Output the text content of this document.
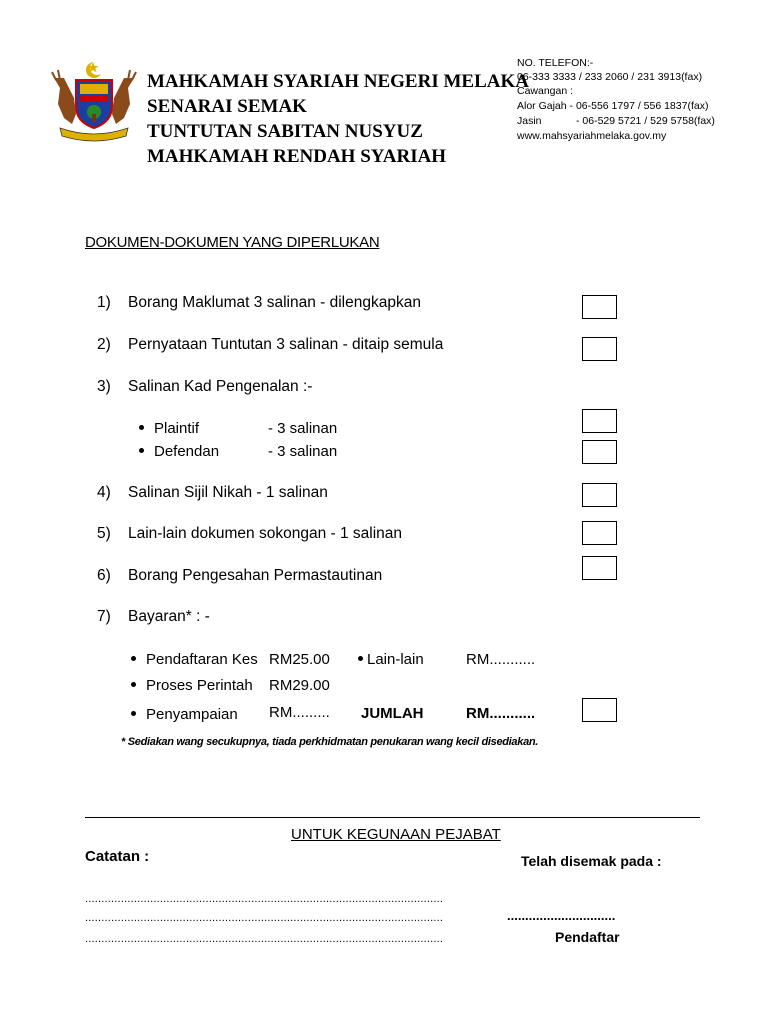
MAHKAMAH SYARIAH NEGERI MELAKA
SENARAI SEMAK
TUNTUTAN SABITAN NUSYUZ
MAHKAMAH RENDAH SYARIAH
NO. TELEFON:-
06-333 3333 / 233 2060 / 231 3913(fax)
Cawangan :
Alor Gajah - 06-556 1797 / 556 1837(fax)
Jasin	- 06-529 5721 / 529 5758(fax)
www.mahsyariahmelaka.gov.my
DOKUMEN-DOKUMEN YANG DIPERLUKAN
1) Borang Maklumat 3 salinan - dilengkapkan
2) Pernyataan Tuntutan 3 salinan - ditaip semula
3) Salinan Kad Pengenalan :-
Plaintif	- 3 salinan
Defendan	- 3 salinan
4) Salinan Sijil Nikah - 1 salinan
5) Lain-lain dokumen sokongan - 1 salinan
6) Borang Pengesahan Permastautinan
7) Bayaran* : -
Pendaftaran Kes RM25.00	Lain-lain	RM...........
Proses Perintah RM29.00
Penyampaian RM......... JUMLAH	RM...........
* Sediakan wang secukupnya, tiada perkhidmatan penukaran wang kecil disediakan.
UNTUK KEGUNAAN PEJABAT
Catatan :	Telah disemak pada :
..............................................................................................................
..............................................................................................................
..............................................................................................................
..............................
Pendaftar
